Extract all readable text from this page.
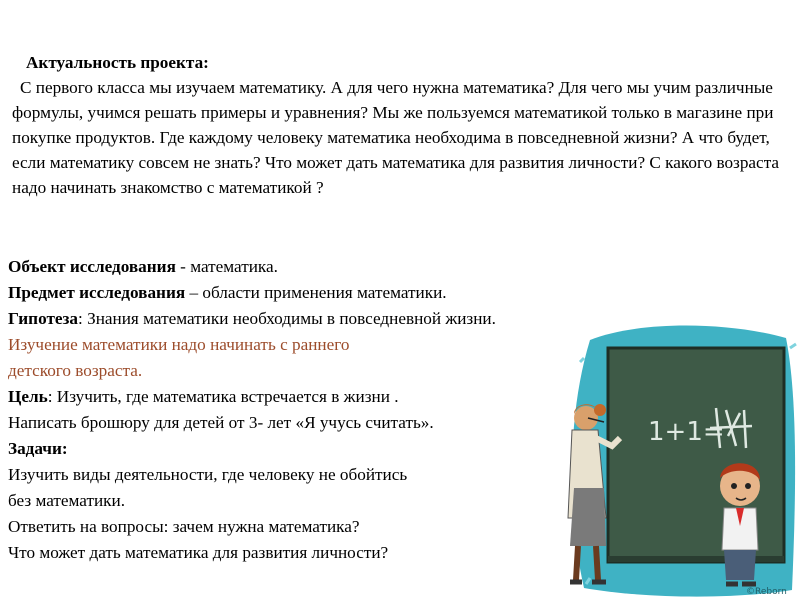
Актуальность проекта:
С первого класса мы изучаем математику. А для чего нужна математика? Для чего мы учим различные формулы, учимся решать примеры и уравнения? Мы же пользуемся математикой только в магазине при покупке продуктов. Где каждому человеку математика необходима в повседневной жизни? А что будет, если математику совсем не знать? Что может дать математика для развития личности? С какого возраста надо начинать знакомство с математикой ?
Объект исследования - математика.
Предмет исследования – области применения математики.
Гипотеза: Знания математики необходимы в повседневной жизни.
Изучение математики надо начинать с раннего
детского возраста.
Цель: Изучить, где математика встречается в жизни .
Написать брошюру для детей от 3- лет «Я учусь считать».
Задачи:
Изучить виды деятельности, где человеку не обойтись
без математики.
Ответить на вопросы: зачем нужна математика?
Что может дать математика для развития личности?
1+1=
©Reborn
